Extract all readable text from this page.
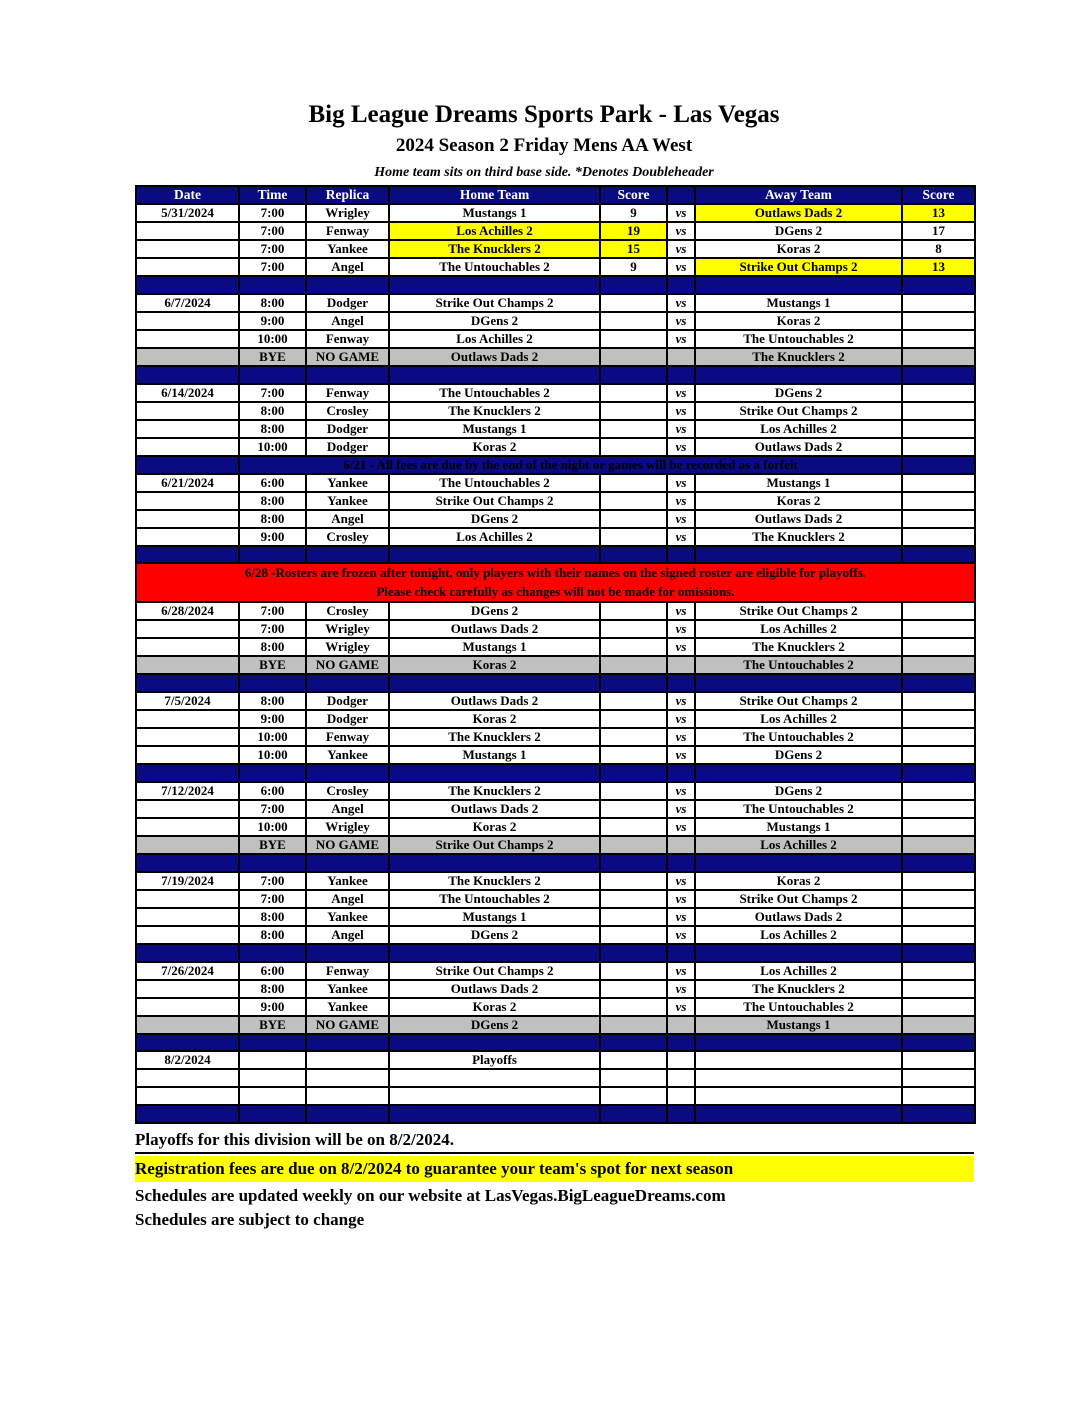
Big League Dreams Sports Park - Las Vegas
2024 Season 2 Friday Mens AA West
Home team sits on third base side. *Denotes Doubleheader
Date	Time	Replica	Home Team	Score		Away Team	Score
5/31/2024	7:00	Wrigley	Mustangs 1	9	vs	Outlaws Dads 2	13
	7:00	Fenway	Los Achilles 2	19	vs	DGens 2	17
	7:00	Yankee	The Knucklers 2	15	vs	Koras 2	8
	7:00	Angel	The Untouchables 2	9	vs	Strike Out Champs 2	13

6/7/2024	8:00	Dodger	Strike Out Champs 2		vs	Mustangs 1	
	9:00	Angel	DGens 2		vs	Koras 2	
	10:00	Fenway	Los Achilles 2		vs	The Untouchables 2	
	BYE	NO GAME	Outlaws Dads 2			The Knucklers 2	

6/14/2024	7:00	Fenway	The Untouchables 2		vs	DGens 2	
	8:00	Crosley	The Knucklers 2		vs	Strike Out Champs 2	
	8:00	Dodger	Mustangs 1		vs	Los Achilles 2	
	10:00	Dodger	Koras 2		vs	Outlaws Dads 2	
	6/21 - All fees are due by the end of the night or games will be recorded as a forfeit						
6/21/2024	6:00	Yankee	The Untouchables 2		vs	Mustangs 1	
	8:00	Yankee	Strike Out Champs 2		vs	Koras 2	
	8:00	Angel	DGens 2		vs	Outlaws Dads 2	
	9:00	Crosley	Los Achilles 2		vs	The Knucklers 2	

6/28 -Rosters are frozen after tonight, only players with their names on the signed roster are eligible for playoffs.
Please check carefully as changes will not be made for omissions.							

6/28/2024	7:00	Crosley	DGens 2		vs	Strike Out Champs 2	
	7:00	Wrigley	Outlaws Dads 2		vs	Los Achilles 2	
	8:00	Wrigley	Mustangs 1		vs	The Knucklers 2	
	BYE	NO GAME	Koras 2			The Untouchables 2	

7/5/2024	8:00	Dodger	Outlaws Dads 2		vs	Strike Out Champs 2	
	9:00	Dodger	Koras 2		vs	Los Achilles 2	
	10:00	Fenway	The Knucklers 2		vs	The Untouchables 2	
	10:00	Yankee	Mustangs 1		vs	DGens 2	

7/12/2024	6:00	Crosley	The Knucklers 2		vs	DGens 2	
	7:00	Angel	Outlaws Dads 2		vs	The Untouchables 2	
	10:00	Wrigley	Koras 2		vs	Mustangs 1	
	BYE	NO GAME	Strike Out Champs 2			Los Achilles 2	

7/19/2024	7:00	Yankee	The Knucklers 2		vs	Koras 2	
	7:00	Angel	The Untouchables 2		vs	Strike Out Champs 2	
	8:00	Yankee	Mustangs 1		vs	Outlaws Dads 2	
	8:00	Angel	DGens 2		vs	Los Achilles 2	

7/26/2024	6:00	Fenway	Strike Out Champs 2		vs	Los Achilles 2	
	8:00	Yankee	Outlaws Dads 2		vs	The Knucklers 2	
	9:00	Yankee	Koras 2		vs	The Untouchables 2	
	BYE	NO GAME	DGens 2			Mustangs 1	

8/2/2024			Playoffs				

Playoffs for this division will be on 8/2/2024.
Registration fees are due on 8/2/2024 to guarantee your team's spot for next season
Schedules are updated weekly on our website at LasVegas.BigLeagueDreams.com
Schedules are subject to change
